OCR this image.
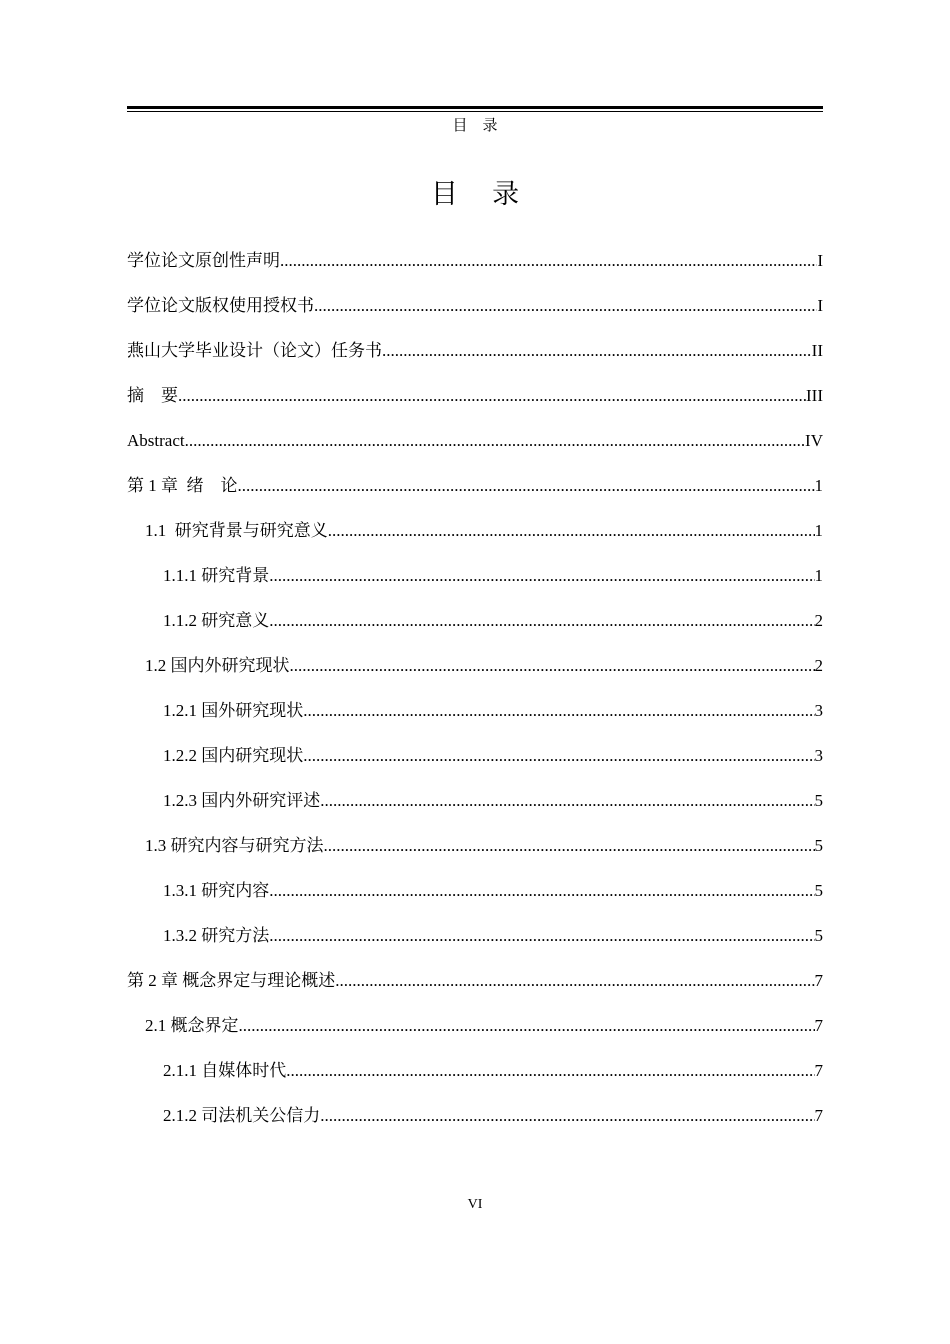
目    录
目    录
学位论文原创性声明 .....	I
学位论文版权使用授权书 .....	I
燕山大学毕业设计（论文）任务书 .....	II
摘    要 .....	III
Abstract .....	IV
第 1 章  绪    论 .....	1
1.1  研究背景与研究意义 .....	1
1.1.1 研究背景 .....	1
1.1.2 研究意义 .....	2
1.2 国内外研究现状 .....	2
1.2.1 国外研究现状 .....	3
1.2.2 国内研究现状 .....	3
1.2.3 国内外研究评述 .....	5
1.3 研究内容与研究方法 .....	5
1.3.1 研究内容 .....	5
1.3.2 研究方法 .....	5
第 2 章 概念界定与理论概述 .....	7
2.1 概念界定 .....	7
2.1.1 自媒体时代 .....	7
2.1.2 司法机关公信力 .....	7
VI
